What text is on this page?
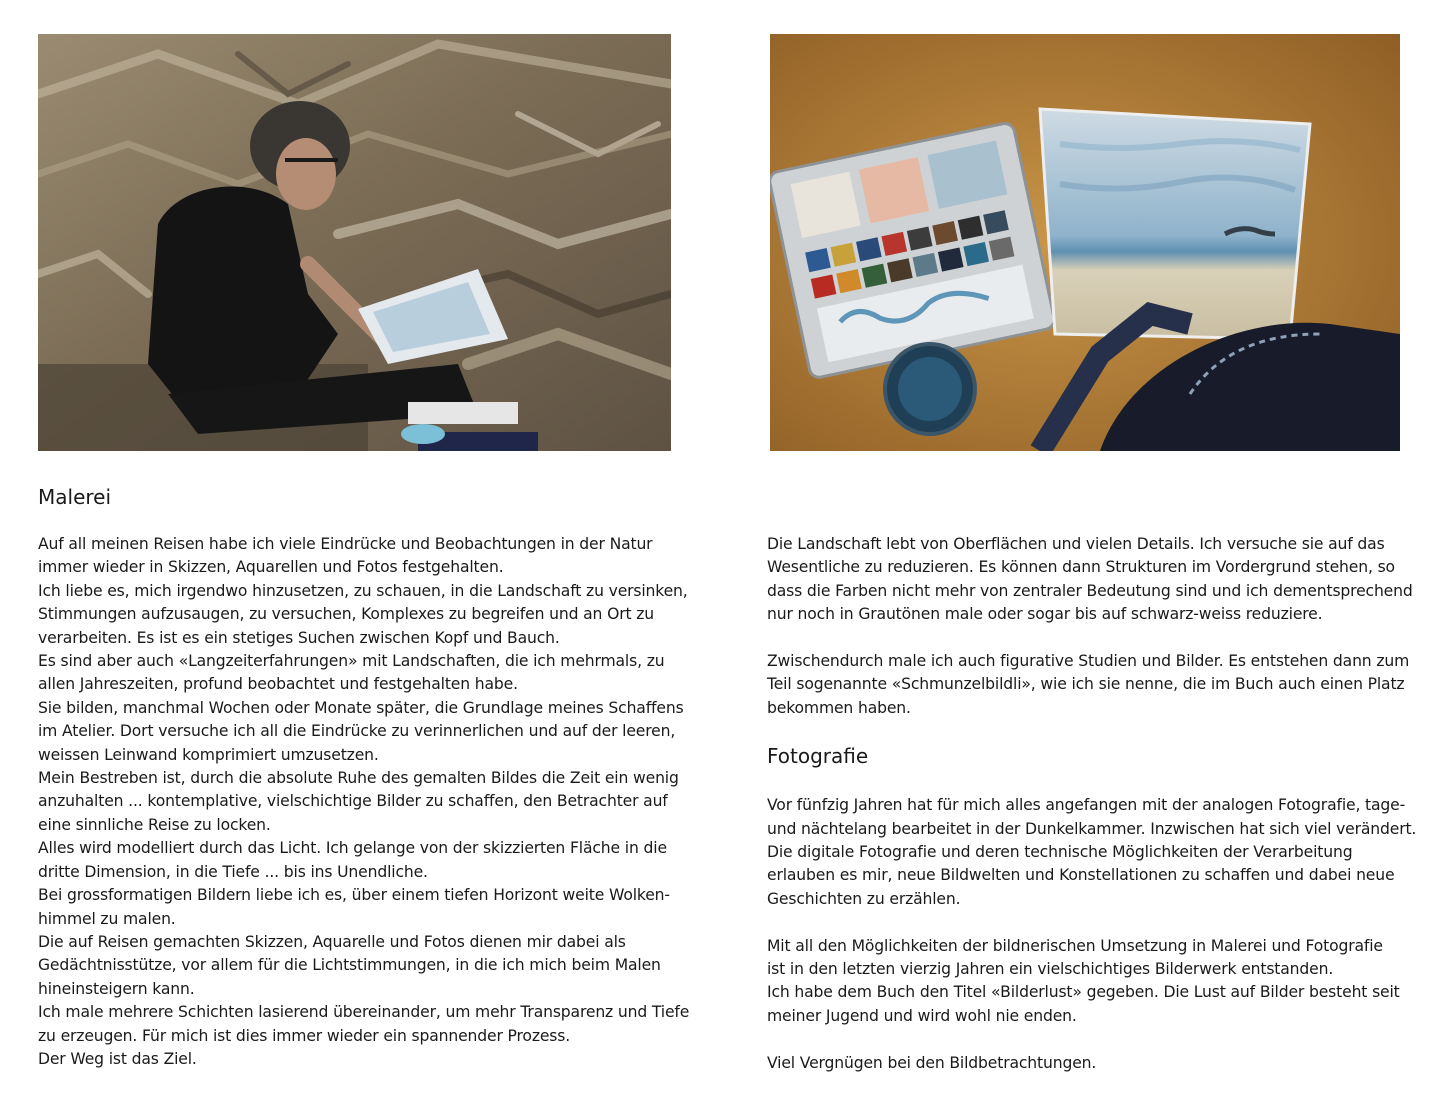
Malerei

Auf all meinen Reisen habe ich viele Eindrücke und Beobachtungen in der Natur

immer wieder in Skizzen, Aquarellen und Fotos festgehalten.

Ich liebe es, mich irgendwo hinzusetzen, zu schauen, in die Landschaft zu versinken,

Stimmungen aufzusaugen, zu versuchen, Komplexes zu begreifen und an Ort zu

verarbeiten. Es ist es ein stetiges Suchen zwischen Kopf und Bauch.

Es sind aber auch «Langzeiterfahrungen» mit Landschaften, die ich mehrmals, zu

allen Jahreszeiten, profund beobachtet und festgehalten habe.

Sie bilden, manchmal Wochen oder Monate später, die Grundlage meines Schaffens

im Atelier. Dort versuche ich all die Eindrücke zu verinnerlichen und auf der leeren,

weissen Leinwand komprimiert umzusetzen.

Mein Bestreben ist, durch die absolute Ruhe des gemalten Bildes die Zeit ein wenig

anzuhalten ... kontemplative, vielschichtige Bilder zu schaffen, den Betrachter auf

eine sinnliche Reise zu locken.

Alles wird modelliert durch das Licht. Ich gelange von der skizzierten Fläche in die

dritte Dimension, in die Tiefe ... bis ins Unendliche.

Bei grossformatigen Bildern liebe ich es, über einem tiefen Horizont weite Wolken-

himmel zu malen.

Die auf Reisen gemachten Skizzen, Aquarelle und Fotos dienen mir dabei als

Gedächtnisstütze, vor allem für die Lichtstimmungen, in die ich mich beim Malen

hineinsteigern kann.

Ich male mehrere Schichten lasierend übereinander, um mehr Transparenz und Tiefe

zu erzeugen. Für mich ist dies immer wieder ein spannender Prozess.

Der Weg ist das Ziel.

Die Landschaft lebt von Oberflächen und vielen Details. Ich versuche sie auf das

Wesentliche zu reduzieren. Es können dann Strukturen im Vordergrund stehen, so

dass die Farben nicht mehr von zentraler Bedeutung sind und ich dementsprechend

nur noch in Grautönen male oder sogar bis auf schwarz-weiss reduziere.

Zwischendurch male ich auch figurative Studien und Bilder. Es entstehen dann zum

Teil sogenannte «Schmunzelbildli», wie ich sie nenne, die im Buch auch einen Platz

bekommen haben.

Fotografie

Vor fünfzig Jahren hat für mich alles angefangen mit der analogen Fotografie, tage-

und nächtelang bearbeitet in der Dunkelkammer. Inzwischen hat sich viel verändert.

Die digitale Fotografie und deren technische Möglichkeiten der Verarbeitung

erlauben es mir, neue Bildwelten und Konstellationen zu schaffen und dabei neue

Geschichten zu erzählen.

Mit all den Möglichkeiten der bildnerischen Umsetzung in Malerei und Fotografie

ist in den letzten vierzig Jahren ein vielschichtiges Bilderwerk entstanden.

Ich habe dem Buch den Titel «Bilderlust» gegeben. Die Lust auf Bilder besteht seit

meiner Jugend und wird wohl nie enden.

Viel Vergnügen bei den Bildbetrachtungen.
